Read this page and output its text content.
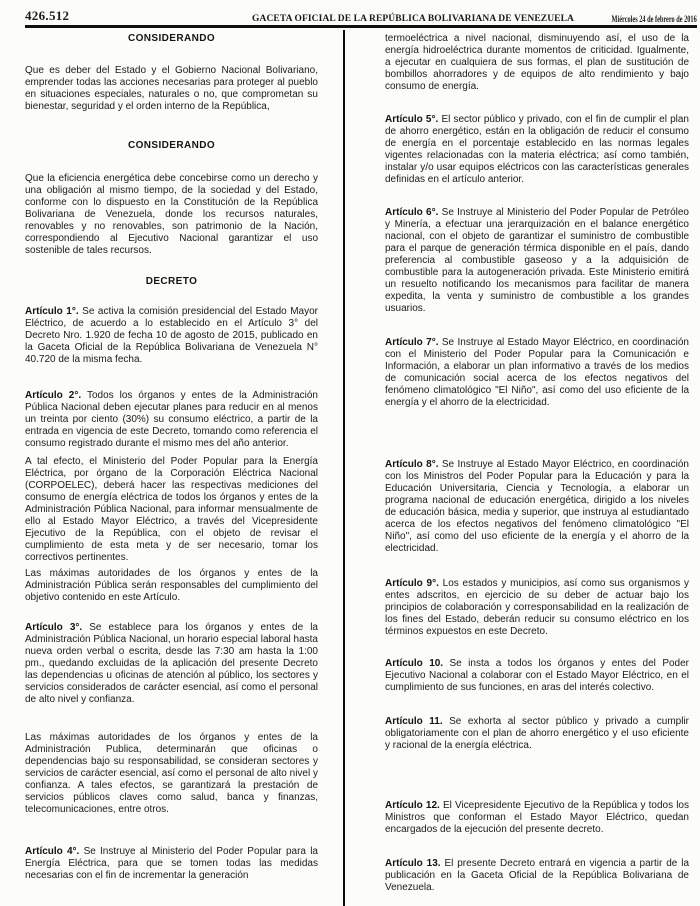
426.512	GACETA OFICIAL DE LA REPÚBLICA BOLIVARIANA DE VENEZUELA	Miércoles 24 de febrero de 2016
CONSIDERANDO

Que es deber del Estado y el Gobierno Nacional Bolivariano, emprender todas las acciones necesarias para proteger al pueblo en situaciones especiales, naturales o no, que comprometan su bienestar, seguridad y el orden interno de la República,

CONSIDERANDO

Que la eficiencia energética debe concebirse como un derecho y una obligación al mismo tiempo, de la sociedad y del Estado, conforme con lo dispuesto en la Constitución de la República Bolivariana de Venezuela, donde los recursos naturales, renovables y no renovables, son patrimonio de la Nación, correspondiendo al Ejecutivo Nacional garantizar el uso sostenible de tales recursos.

DECRETO

Artículo 1°. Se activa la comisión presidencial del Estado Mayor Eléctrico, de acuerdo a lo establecido en el Artículo 3° del Decreto Nro. 1.920 de fecha 10 de agosto de 2015, publicado en la Gaceta Oficial de la República Bolivariana de Venezuela N° 40.720 de la misma fecha.

Artículo 2°. Todos los órganos y entes de la Administración Pública Nacional deben ejecutar planes para reducir en al menos un treinta por ciento (30%) su consumo eléctrico, a partir de la entrada en vigencia de este Decreto, tomando como referencia el consumo registrado durante el mismo mes del año anterior.

A tal efecto, el Ministerio del Poder Popular para la Energía Eléctrica, por órgano de la Corporación Eléctrica Nacional (CORPOELEC), deberá hacer las respectivas mediciones del consumo de energía eléctrica de todos los órganos y entes de la Administración Pública Nacional, para informar mensualmente de ello al Estado Mayor Eléctrico, a través del Vicepresidente Ejecutivo de la República, con el objeto de revisar el cumplimiento de esta meta y de ser necesario, tomar los correctivos pertinentes.

Las máximas autoridades de los órganos y entes de la Administración Pública serán responsables del cumplimiento del objetivo contenido en este Artículo.

Artículo 3°. Se establece para los órganos y entes de la Administración Pública Nacional, un horario especial laboral hasta nueva orden verbal o escrita, desde las 7:30 am hasta la 1:00 pm., quedando excluidas de la aplicación del presente Decreto las dependencias u oficinas de atención al público, los sectores y servicios considerados de carácter esencial, así como el personal de alto nivel y confianza.

Las máximas autoridades de los órganos y entes de la Administración Publica, determinarán que oficinas o dependencias bajo su responsabilidad, se consideran sectores y servicios de carácter esencial, así como el personal de alto nivel y confianza. A tales efectos, se garantizará la prestación de servicios públicos claves como salud, banca y finanzas, telecomunicaciones, entre otros.

Artículo 4°. Se Instruye al Ministerio del Poder Popular para la Energía Eléctrica, para que se tomen todas las medidas necesarias con el fin de incrementar la generación

termoeléctrica a nivel nacional, disminuyendo así, el uso de la energía hidroeléctrica durante momentos de criticidad. Igualmente, a ejecutar en cualquiera de sus formas, el plan de sustitución de bombillos ahorradores y de equipos de alto rendimiento y bajo consumo de energía.

Artículo 5°. El sector público y privado, con el fin de cumplir el plan de ahorro energético, están en la obligación de reducir el consumo de energía en el porcentaje establecido en las normas legales vigentes relacionadas con la materia eléctrica; así como también, instalar y/o usar equipos eléctricos con las características generales definidas en el artículo anterior.

Artículo 6°. Se Instruye al Ministerio del Poder Popular de Petróleo y Minería, a efectuar una jerarquización en el balance energético nacional, con el objeto de garantizar el suministro de combustible para el parque de generación térmica disponible en el país, dando preferencia al combustible gaseoso y a la adquisición de combustible para la autogeneración privada. Este Ministerio emitirá un resuelto notificando los mecanismos para facilitar de manera expedita, la venta y suministro de combustible a los grandes usuarios.

Artículo 7°. Se Instruye al Estado Mayor Eléctrico, en coordinación con el Ministerio del Poder Popular para la Comunicación e Información, a elaborar un plan informativo a través de los medios de comunicación social acerca de los efectos negativos del fenómeno climatológico "El Niño", así como del uso eficiente de la energía y el ahorro de la electricidad.

Artículo 8°. Se Instruye al Estado Mayor Eléctrico, en coordinación con los Ministros del Poder Popular para la Educación y para la Educación Universitaria, Ciencia y Tecnología, a elaborar un programa nacional de educación energética, dirigido a los niveles de educación básica, media y superior, que instruya al estudiantado acerca de los efectos negativos del fenómeno climatológico "El Niño", así como del uso eficiente de la energía y el ahorro de la electricidad.

Artículo 9°. Los estados y municipios, así como sus organismos y entes adscritos, en ejercicio de su deber de actuar bajo los principios de colaboración y corresponsabilidad en la realización de los fines del Estado, deberán reducir su consumo eléctrico en los términos expuestos en este Decreto.

Artículo 10. Se insta a todos los órganos y entes del Poder Ejecutivo Nacional a colaborar con el Estado Mayor Eléctrico, en el cumplimiento de sus funciones, en aras del interés colectivo.

Artículo 11. Se exhorta al sector público y privado a cumplir obligatoriamente con el plan de ahorro energético y el uso eficiente y racional de la energía eléctrica.

Artículo 12. El Vicepresidente Ejecutivo de la República y todos los Ministros que conforman el Estado Mayor Eléctrico, quedan encargados de la ejecución del presente decreto.

Artículo 13. El presente Decreto entrará en vigencia a partir de la publicación en la Gaceta Oficial de la República Bolivariana de Venezuela.
